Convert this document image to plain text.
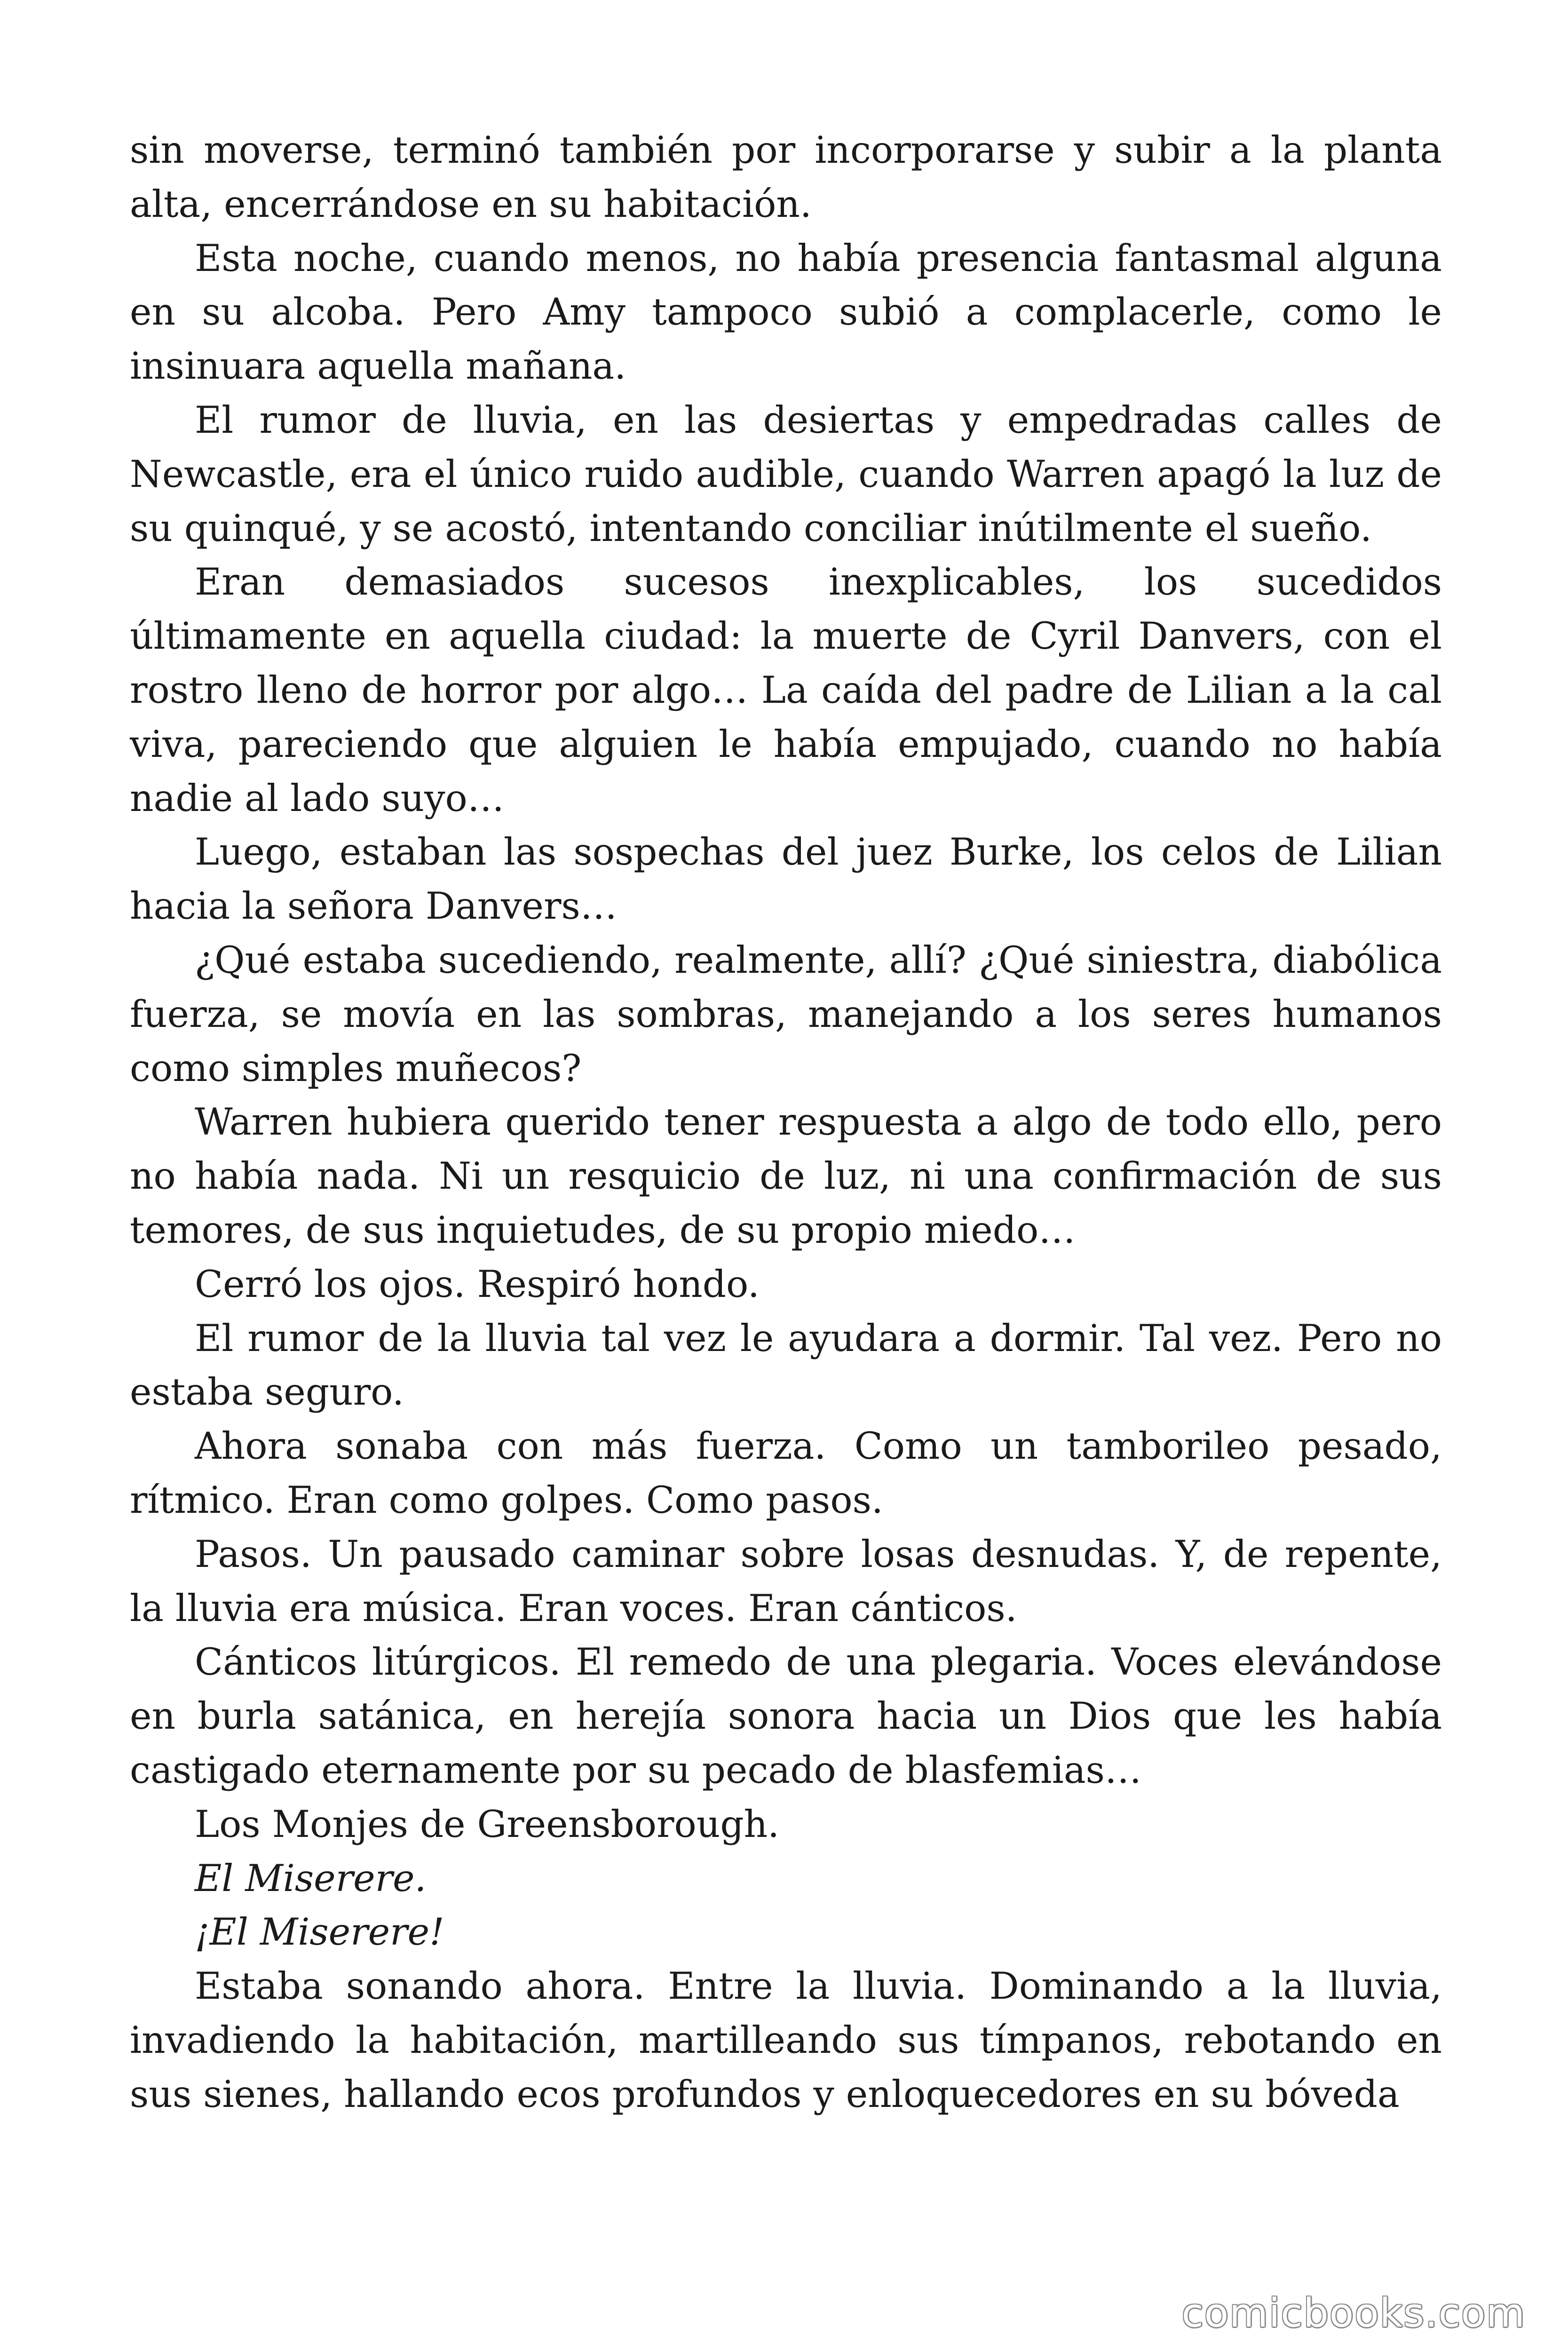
sin moverse, terminó también por incorporarse y subir a la planta alta, encerrándose en su habitación.

Esta noche, cuando menos, no había presencia fantasmal alguna en su alcoba. Pero Amy tampoco subió a complacerle, como le insinuara aquella mañana.

El rumor de lluvia, en las desiertas y empedradas calles de Newcastle, era el único ruido audible, cuando Warren apagó la luz de su quinqué, y se acostó, intentando conciliar inútilmente el sueño.

Eran demasiados sucesos inexplicables, los sucedidos últimamente en aquella ciudad: la muerte de Cyril Danvers, con el rostro lleno de horror por algo… La caída del padre de Lilian a la cal viva, pareciendo que alguien le había empujado, cuando no había nadie al lado suyo…

Luego, estaban las sospechas del juez Burke, los celos de Lilian hacia la señora Danvers…

¿Qué estaba sucediendo, realmente, allí? ¿Qué siniestra, diabólica fuerza, se movía en las sombras, manejando a los seres humanos como simples muñecos?

Warren hubiera querido tener respuesta a algo de todo ello, pero no había nada. Ni un resquicio de luz, ni una confirmación de sus temores, de sus inquietudes, de su propio miedo…

Cerró los ojos. Respiró hondo.

El rumor de la lluvia tal vez le ayudara a dormir. Tal vez. Pero no estaba seguro.

Ahora sonaba con más fuerza. Como un tamborileo pesado, rítmico. Eran como golpes. Como pasos.

Pasos. Un pausado caminar sobre losas desnudas. Y, de repente, la lluvia era música. Eran voces. Eran cánticos.

Cánticos litúrgicos. El remedo de una plegaria. Voces elevándose en burla satánica, en herejía sonora hacia un Dios que les había castigado eternamente por su pecado de blasfemias…

Los Monjes de Greensborough.

El Miserere.

¡El Miserere!

Estaba sonando ahora. Entre la lluvia. Dominando a la lluvia, invadiendo la habitación, martilleando sus tímpanos, rebotando en sus sienes, hallando ecos profundos y enloquecedores en su bóveda

comicbooks.com
